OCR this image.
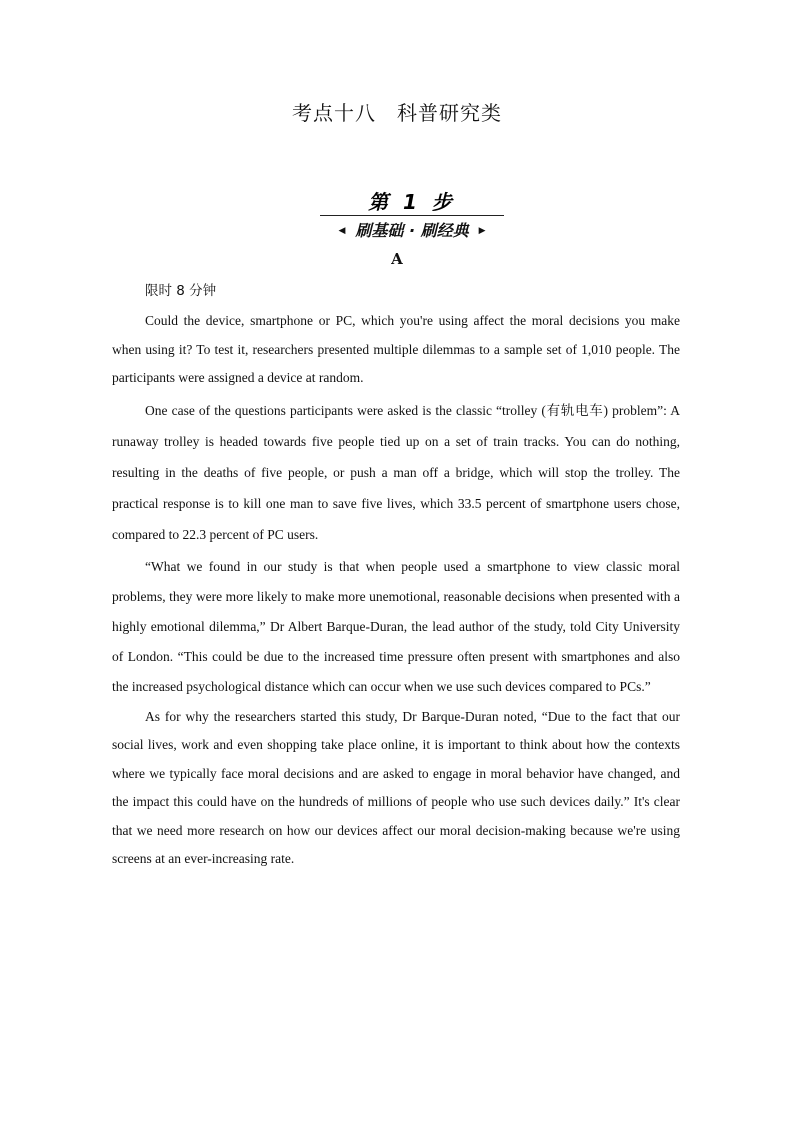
考点十八　科普研究类
第 1 步
◀ 刷基础 · 刷经典 ▶
A
限时 8 分钟

Could the device, smartphone or PC, which you're using affect the moral decisions you make when using it? To test it, researchers presented multiple dilemmas to a sample set of 1,010 people. The participants were assigned a device at random.

One case of the questions participants were asked is the classic “trolley (有轨电车) problem”: A runaway trolley is headed towards five people tied up on a set of train tracks. You can do nothing, resulting in the deaths of five people, or push a man off a bridge, which will stop the trolley. The practical response is to kill one man to save five lives, which 33.5 percent of smartphone users chose, compared to 22.3 percent of PC users.

“What we found in our study is that when people used a smartphone to view classic moral problems, they were more likely to make more unemotional, reasonable decisions when presented with a highly emotional dilemma,” Dr Albert Barque-Duran, the lead author of the study, told City University of London. “This could be due to the increased time pressure often present with smartphones and also the increased psychological distance which can occur when we use such devices compared to PCs.”

As for why the researchers started this study, Dr Barque-Duran noted, “Due to the fact that our social lives, work and even shopping take place online, it is important to think about how the contexts where we typically face moral decisions and are asked to engage in moral behavior have changed, and the impact this could have on the hundreds of millions of people who use such devices daily.” It's clear that we need more research on how our devices affect our moral decision-making because we're using screens at an ever-increasing rate.
